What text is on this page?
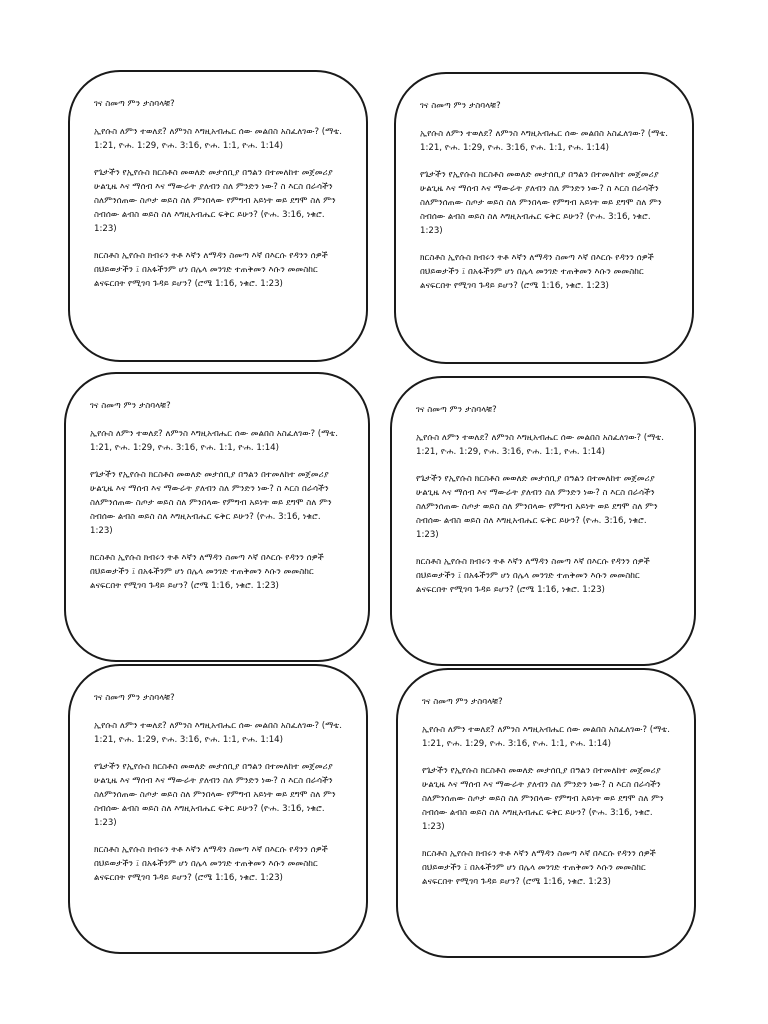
ገና ስመጣ ምን ታስባላቹ?

ኢየሱስ ለምን ተወለደ? ለምንስ እግዚአብሔር ሰው መልበስ አስፈለገው? (ማቴ. 1:21, ዮሐ. 1:29, ዮሐ. 3:16, ዮሐ. 1:1, ዮሐ. 1:14)

የጌታችን የኢየሱስ ክርስቶስ መወለድ መታሰቢያ በዓልን በተመለከተ መጀመሪያ ሁልጊዜ እና ማሰብ እና ማውራት ያለብን ስለ ምንድን ነው? ስ እርስ በራሳችን ስለምንሰጠው ስጦታ ወይስ ስለ ምንበላው የምግብ አይነት ወይ ደግሞ ስለ ምን ስብሰው ልብስ ወይስ ስለ እግዚአብሔር ፍቅር ይሁን? (ዮሐ. 3:16, ነቁሮ. 1:23)

ክርስቶስ ኢየሱስ ክብሩን ትቶ እኛን ለማዳን ስመጣ እኛ በእርሱ የዳንን ሰዎች በህይወታችን ፤ በአፋችንም ሆነ በሌላ መንገድ ተጠቅመን እሱን መመስከር ልናፍርበት የሚገባ ጉዳይ ይሆን? (ሮሜ 1:16, ነቁሮ. 1:23)

ገና ስመጣ ምን ታስባላቹ?

ኢየሱስ ለምን ተወለደ? ለምንስ እግዚአብሔር ሰው መልበስ አስፈለገው? (ማቴ. 1:21, ዮሐ. 1:29, ዮሐ. 3:16, ዮሐ. 1:1, ዮሐ. 1:14)

የጌታችን የኢየሱስ ክርስቶስ መወለድ መታሰቢያ በዓልን በተመለከተ መጀመሪያ ሁልጊዜ እና ማሰብ እና ማውራት ያለብን ስለ ምንድን ነው? ስ እርስ በራሳችን ስለምንሰጠው ስጦታ ወይስ ስለ ምንበላው የምግብ አይነት ወይ ደግሞ ስለ ምን ስብሰው ልብስ ወይስ ስለ እግዚአብሔር ፍቅር ይሁን? (ዮሐ. 3:16, ነቁሮ. 1:23)

ክርስቶስ ኢየሱስ ክብሩን ትቶ እኛን ለማዳን ስመጣ እኛ በእርሱ የዳንን ሰዎች በህይወታችን ፤ በአፋችንም ሆነ በሌላ መንገድ ተጠቅመን እሱን መመስከር ልናፍርበት የሚገባ ጉዳይ ይሆን? (ሮሜ 1:16, ነቁሮ. 1:23)

ገና ስመጣ ምን ታስባላቹ?

ኢየሱስ ለምን ተወለደ? ለምንስ እግዚአብሔር ሰው መልበስ አስፈለገው? (ማቴ. 1:21, ዮሐ. 1:29, ዮሐ. 3:16, ዮሐ. 1:1, ዮሐ. 1:14)

የጌታችን የኢየሱስ ክርስቶስ መወለድ መታሰቢያ በዓልን በተመለከተ መጀመሪያ ሁልጊዜ እና ማሰብ እና ማውራት ያለብን ስለ ምንድን ነው? ስ እርስ በራሳችን ስለምንሰጠው ስጦታ ወይስ ስለ ምንበላው የምግብ አይነት ወይ ደግሞ ስለ ምን ስብሰው ልብስ ወይስ ስለ እግዚአብሔር ፍቅር ይሁን? (ዮሐ. 3:16, ነቁሮ. 1:23)

ክርስቶስ ኢየሱስ ክብሩን ትቶ እኛን ለማዳን ስመጣ እኛ በእርሱ የዳንን ሰዎች በህይወታችን ፤ በአፋችንም ሆነ በሌላ መንገድ ተጠቅመን እሱን መመስከር ልናፍርበት የሚገባ ጉዳይ ይሆን? (ሮሜ 1:16, ነቁሮ. 1:23)

ገና ስመጣ ምን ታስባላቹ?

ኢየሱስ ለምን ተወለደ? ለምንስ እግዚአብሔር ሰው መልበስ አስፈለገው? (ማቴ. 1:21, ዮሐ. 1:29, ዮሐ. 3:16, ዮሐ. 1:1, ዮሐ. 1:14)

የጌታችን የኢየሱስ ክርስቶስ መወለድ መታሰቢያ በዓልን በተመለከተ መጀመሪያ ሁልጊዜ እና ማሰብ እና ማውራት ያለብን ስለ ምንድን ነው? ስ እርስ በራሳችን ስለምንሰጠው ስጦታ ወይስ ስለ ምንበላው የምግብ አይነት ወይ ደግሞ ስለ ምን ስብሰው ልብስ ወይስ ስለ እግዚአብሔር ፍቅር ይሁን? (ዮሐ. 3:16, ነቁሮ. 1:23)

ክርስቶስ ኢየሱስ ክብሩን ትቶ እኛን ለማዳን ስመጣ እኛ በእርሱ የዳንን ሰዎች በህይወታችን ፤ በአፋችንም ሆነ በሌላ መንገድ ተጠቅመን እሱን መመስከር ልናፍርበት የሚገባ ጉዳይ ይሆን? (ሮሜ 1:16, ነቁሮ. 1:23)

ገና ስመጣ ምን ታስባላቹ?

ኢየሱስ ለምን ተወለደ? ለምንስ እግዚአብሔር ሰው መልበስ አስፈለገው? (ማቴ. 1:21, ዮሐ. 1:29, ዮሐ. 3:16, ዮሐ. 1:1, ዮሐ. 1:14)

የጌታችን የኢየሱስ ክርስቶስ መወለድ መታሰቢያ በዓልን በተመለከተ መጀመሪያ ሁልጊዜ እና ማሰብ እና ማውራት ያለብን ስለ ምንድን ነው? ስ እርስ በራሳችን ስለምንሰጠው ስጦታ ወይስ ስለ ምንበላው የምግብ አይነት ወይ ደግሞ ስለ ምን ስብሰው ልብስ ወይስ ስለ እግዚአብሔር ፍቅር ይሁን? (ዮሐ. 3:16, ነቁሮ. 1:23)

ክርስቶስ ኢየሱስ ክብሩን ትቶ እኛን ለማዳን ስመጣ እኛ በእርሱ የዳንን ሰዎች በህይወታችን ፤ በአፋችንም ሆነ በሌላ መንገድ ተጠቅመን እሱን መመስከር ልናፍርበት የሚገባ ጉዳይ ይሆን? (ሮሜ 1:16, ነቁሮ. 1:23)

ገና ስመጣ ምን ታስባላቹ?

ኢየሱስ ለምን ተወለደ? ለምንስ እግዚአብሔር ሰው መልበስ አስፈለገው? (ማቴ. 1:21, ዮሐ. 1:29, ዮሐ. 3:16, ዮሐ. 1:1, ዮሐ. 1:14)

የጌታችን የኢየሱስ ክርስቶስ መወለድ መታሰቢያ በዓልን በተመለከተ መጀመሪያ ሁልጊዜ እና ማሰብ እና ማውራት ያለብን ስለ ምንድን ነው? ስ እርስ በራሳችን ስለምንሰጠው ስጦታ ወይስ ስለ ምንበላው የምግብ አይነት ወይ ደግሞ ስለ ምን ስብሰው ልብስ ወይስ ስለ እግዚአብሔር ፍቅር ይሁን? (ዮሐ. 3:16, ነቁሮ. 1:23)

ክርስቶስ ኢየሱስ ክብሩን ትቶ እኛን ለማዳን ስመጣ እኛ በእርሱ የዳንን ሰዎች በህይወታችን ፤ በአፋችንም ሆነ በሌላ መንገድ ተጠቅመን እሱን መመስከር ልናፍርበት የሚገባ ጉዳይ ይሆን? (ሮሜ 1:16, ነቁሮ. 1:23)
